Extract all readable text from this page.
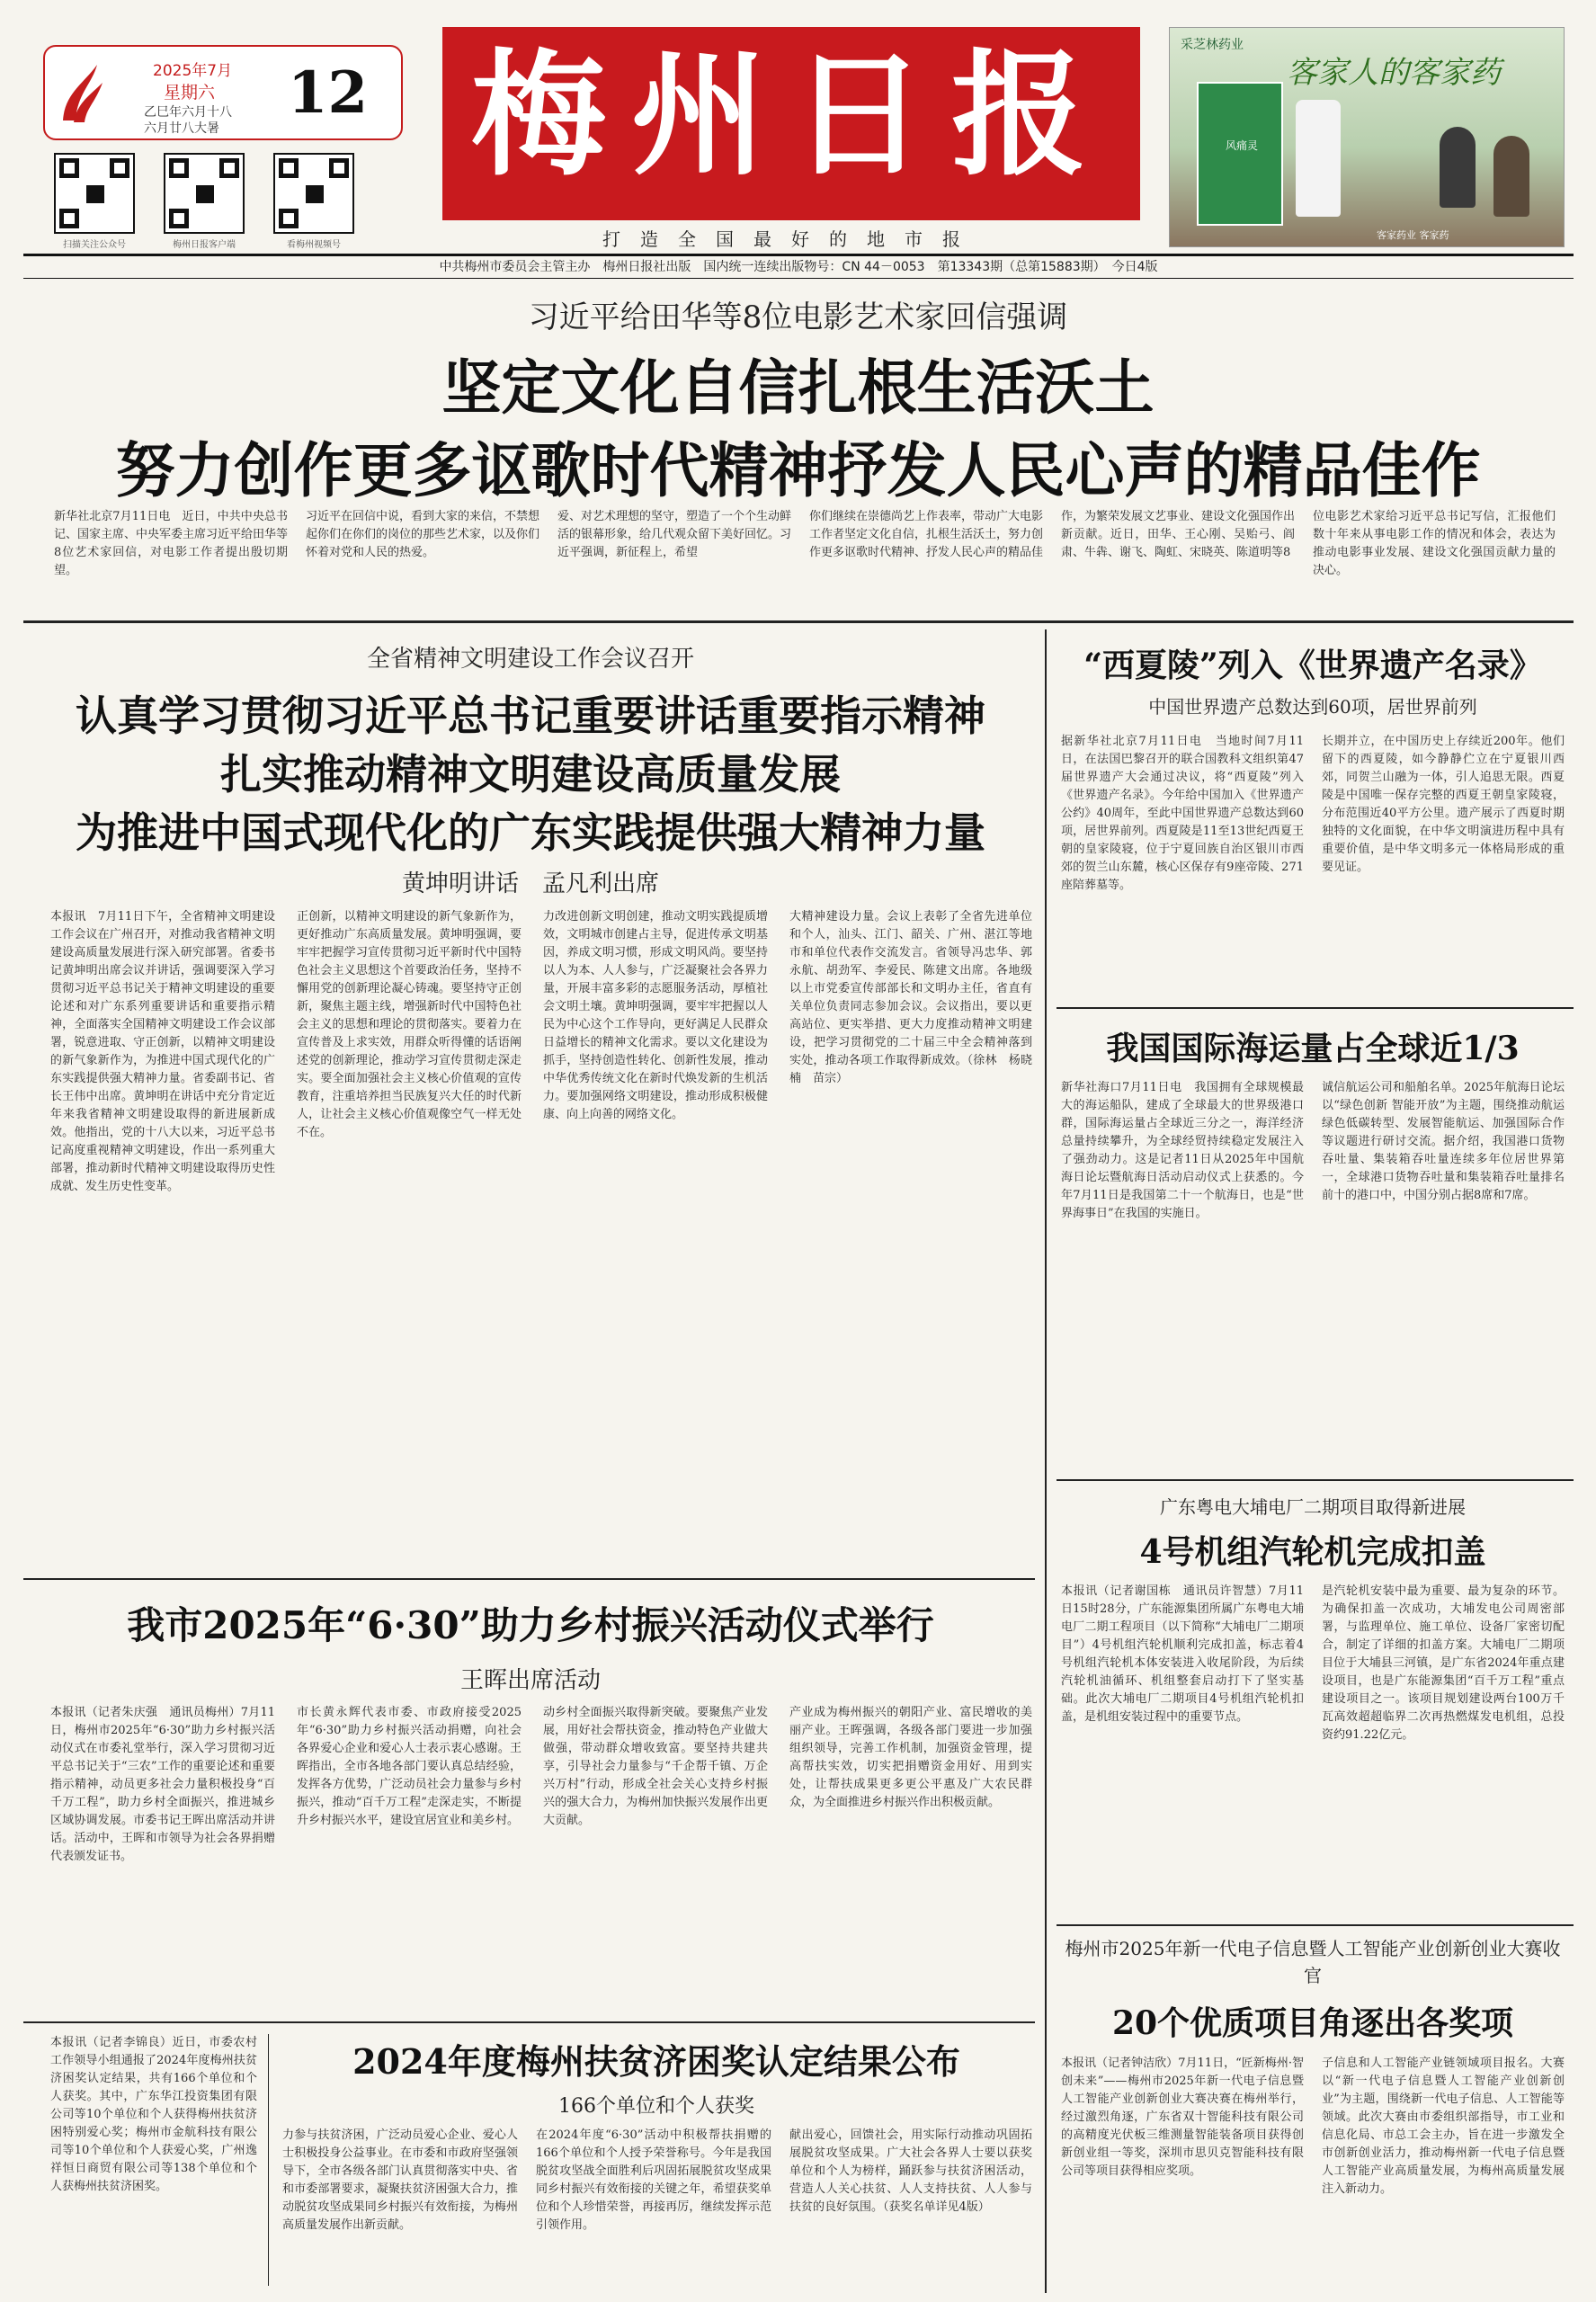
2025年7月
星期六
乙巳年六月十八
六月廿八大暑
12
扫描关注公众号	梅州日报客户端	看梅州视频号
梅州日报
打造全国最好的地市报
采芝林药业
客家人的客家药
风痛灵
客家药业 客家药
中共梅州市委员会主管主办　梅州日报社出版　国内统一连续出版物号：CN 44－0053　第13343期（总第15883期）　今日4版
习近平给田华等8位电影艺术家回信强调
坚定文化自信扎根生活沃土
努力创作更多讴歌时代精神抒发人民心声的精品佳作
新华社北京7月11日电　近日，中共中央总书记、国家主席、中央军委主席习近平给田华等8位艺术家回信，对电影工作者提出殷切期望。
习近平在回信中说，看到大家的来信，不禁想起你们在你们的岗位的那些艺术家，以及你们怀着对党和人民的热爱。
爱、对艺术理想的坚守，塑造了一个个生动鲜活的银幕形象，给几代观众留下美好回忆。习近平强调，新征程上，希望
你们继续在崇德尚艺上作表率，带动广大电影工作者坚定文化自信，扎根生活沃土，努力创作更多讴歌时代精神、抒发人民心声的精品佳
作，为繁荣发展文艺事业、建设文化强国作出新贡献。近日，田华、王心刚、吴贻弓、阎肃、牛犇、谢飞、陶虹、宋晓英、陈道明等8
位电影艺术家给习近平总书记写信，汇报他们数十年来从事电影工作的情况和体会，表达为推动电影事业发展、建设文化强国贡献力量的决心。
全省精神文明建设工作会议召开
认真学习贯彻习近平总书记重要讲话重要指示精神
扎实推动精神文明建设高质量发展
为推进中国式现代化的广东实践提供强大精神力量
黄坤明讲话　孟凡利出席
本报讯　7月11日下午，全省精神文明建设工作会议在广州召开，对推动我省精神文明建设高质量发展进行深入研究部署。省委书记黄坤明出席会议并讲话，强调要深入学习贯彻习近平总书记关于精神文明建设的重要论述和对广东系列重要讲话和重要指示精神，全面落实全国精神文明建设工作会议部署，锐意进取、守正创新，以精神文明建设的新气象新作为，为推进中国式现代化的广东实践提供强大精神力量。省委副书记、省长王伟中出席。黄坤明在讲话中充分肯定近年来我省精神文明建设取得的新进展新成效。他指出，党的十八大以来，习近平总书记高度重视精神文明建设，作出一系列重大部署，推动新时代精神文明建设取得历史性成就、发生历史性变革。
正创新，以精神文明建设的新气象新作为，更好推动广东高质量发展。黄坤明强调，要牢牢把握学习宣传贯彻习近平新时代中国特色社会主义思想这个首要政治任务，坚持不懈用党的创新理论凝心铸魂。要坚持守正创新，聚焦主题主线，增强新时代中国特色社会主义的思想和理论的贯彻落实。要着力在宣传普及上求实效，用群众听得懂的话语阐述党的创新理论，推动学习宣传贯彻走深走实。要全面加强社会主义核心价值观的宣传教育，注重培养担当民族复兴大任的时代新人，让社会主义核心价值观像空气一样无处不在。
力改进创新文明创建，推动文明实践提质增效，文明城市创建占主导，促进传承文明基因，养成文明习惯，形成文明风尚。要坚持以人为本、人人参与，广泛凝聚社会各界力量，开展丰富多彩的志愿服务活动，厚植社会文明土壤。黄坤明强调，要牢牢把握以人民为中心这个工作导向，更好满足人民群众日益增长的精神文化需求。要以文化建设为抓手，坚持创造性转化、创新性发展，推动中华优秀传统文化在新时代焕发新的生机活力。要加强网络文明建设，推动形成积极健康、向上向善的网络文化。
大精神建设力量。会议上表彰了全省先进单位和个人，汕头、江门、韶关、广州、湛江等地市和单位代表作交流发言。省领导冯忠华、郭永航、胡劲军、李爱民、陈建文出席。各地级以上市党委宣传部部长和文明办主任，省直有关单位负责同志参加会议。会议指出，要以更高站位、更实举措、更大力度推动精神文明建设，把学习贯彻党的二十届三中全会精神落到实处，推动各项工作取得新成效。（徐林　杨晓楠　苗宗）
我市2025年“6·30”助力乡村振兴活动仪式举行
王晖出席活动
本报讯（记者朱庆强　通讯员梅州）7月11日，梅州市2025年“6·30”助力乡村振兴活动仪式在市委礼堂举行，深入学习贯彻习近平总书记关于“三农”工作的重要论述和重要指示精神，动员更多社会力量积极投身“百千万工程”，助力乡村全面振兴，推进城乡区域协调发展。市委书记王晖出席活动并讲话。活动中，王晖和市领导为社会各界捐赠代表颁发证书。
市长黄永辉代表市委、市政府接受2025年“6·30”助力乡村振兴活动捐赠，向社会各界爱心企业和爱心人士表示衷心感谢。王晖指出，全市各地各部门要认真总结经验，发挥各方优势，广泛动员社会力量参与乡村振兴，推动“百千万工程”走深走实，不断提升乡村振兴水平，建设宜居宜业和美乡村。
动乡村全面振兴取得新突破。要聚焦产业发展，用好社会帮扶资金，推动特色产业做大做强，带动群众增收致富。要坚持共建共享，引导社会力量参与“千企帮千镇、万企兴万村”行动，形成全社会关心支持乡村振兴的强大合力，为梅州加快振兴发展作出更大贡献。
产业成为梅州振兴的朝阳产业、富民增收的美丽产业。王晖强调，各级各部门要进一步加强组织领导，完善工作机制，加强资金管理，提高帮扶实效，切实把捐赠资金用好、用到实处，让帮扶成果更多更公平惠及广大农民群众，为全面推进乡村振兴作出积极贡献。
本报讯（记者李锦良）近日，市委农村工作领导小组通报了2024年度梅州扶贫济困奖认定结果，共有166个单位和个人获奖。其中，广东华江投资集团有限公司等10个单位和个人获得梅州扶贫济困特别爱心奖；梅州市金航科技有限公司等10个单位和个人获爱心奖，广州逸祥恒日商贸有限公司等138个单位和个人获梅州扶贫济困奖。
2024年度梅州扶贫济困奖认定结果公布
166个单位和个人获奖
力参与扶贫济困，广泛动员爱心企业、爱心人士积极投身公益事业。在市委和市政府坚强领导下，全市各级各部门认真贯彻落实中央、省和市委部署要求，凝聚扶贫济困强大合力，推动脱贫攻坚成果同乡村振兴有效衔接，为梅州高质量发展作出新贡献。
在2024年度“6·30”活动中积极帮扶捐赠的166个单位和个人授予荣誉称号。今年是我国脱贫攻坚战全面胜利后巩固拓展脱贫攻坚成果同乡村振兴有效衔接的关键之年，希望获奖单位和个人珍惜荣誉，再接再厉，继续发挥示范引领作用。
献出爱心，回馈社会，用实际行动推动巩固拓展脱贫攻坚成果。广大社会各界人士要以获奖单位和个人为榜样，踊跃参与扶贫济困活动，营造人人关心扶贫、人人支持扶贫、人人参与扶贫的良好氛围。（获奖名单详见4版）
“西夏陵”列入《世界遗产名录》
中国世界遗产总数达到60项，居世界前列
据新华社北京7月11日电　当地时间7月11日，在法国巴黎召开的联合国教科文组织第47届世界遗产大会通过决议，将“西夏陵”列入《世界遗产名录》。今年给中国加入《世界遗产公约》40周年，至此中国世界遗产总数达到60项，居世界前列。西夏陵是11至13世纪西夏王朝的皇家陵寝，位于宁夏回族自治区银川市西郊的贺兰山东麓，核心区保存有9座帝陵、271座陪葬墓等。
长期并立，在中国历史上存续近200年。他们留下的西夏陵，如今静静伫立在宁夏银川西郊，同贺兰山融为一体，引人追思无限。西夏陵是中国唯一保存完整的西夏王朝皇家陵寝，分布范围近40平方公里。遗产展示了西夏时期独特的文化面貌，在中华文明演进历程中具有重要价值，是中华文明多元一体格局形成的重要见证。
我国国际海运量占全球近1/3
新华社海口7月11日电　我国拥有全球规模最大的海运船队，建成了全球最大的世界级港口群，国际海运量占全球近三分之一，海洋经济总量持续攀升，为全球经贸持续稳定发展注入了强劲动力。这是记者11日从2025年中国航海日论坛暨航海日活动启动仪式上获悉的。今年7月11日是我国第二十一个航海日，也是“世界海事日”在我国的实施日。
诚信航运公司和船舶名单。2025年航海日论坛以“绿色创新 智能开放”为主题，围绕推动航运绿色低碳转型、发展智能航运、加强国际合作等议题进行研讨交流。据介绍，我国港口货物吞吐量、集装箱吞吐量连续多年位居世界第一，全球港口货物吞吐量和集装箱吞吐量排名前十的港口中，中国分别占据8席和7席。
广东粤电大埔电厂二期项目取得新进展
4号机组汽轮机完成扣盖
本报讯（记者谢国栋　通讯员许智慧）7月11日15时28分，广东能源集团所属广东粤电大埔电厂二期工程项目（以下简称“大埔电厂二期项目”）4号机组汽轮机顺利完成扣盖，标志着4号机组汽轮机本体安装进入收尾阶段，为后续汽轮机油循环、机组整套启动打下了坚实基础。此次大埔电厂二期项目4号机组汽轮机扣盖，是机组安装过程中的重要节点。
是汽轮机安装中最为重要、最为复杂的环节。为确保扣盖一次成功，大埔发电公司周密部署，与监理单位、施工单位、设备厂家密切配合，制定了详细的扣盖方案。大埔电厂二期项目位于大埔县三河镇，是广东省2024年重点建设项目，也是广东能源集团“百千万工程”重点建设项目之一。该项目规划建设两台100万千瓦高效超超临界二次再热燃煤发电机组，总投资约91.22亿元。
梅州市2025年新一代电子信息暨人工智能产业创新创业大赛收官
20个优质项目角逐出各奖项
本报讯（记者钟洁欣）7月11日，“匠新梅州·智创未来”——梅州市2025年新一代电子信息暨人工智能产业创新创业大赛决赛在梅州举行，经过激烈角逐，广东省双十智能科技有限公司的高精度光伏板三维测量智能装备项目获得创新创业组一等奖，深圳市思贝克智能科技有限公司等项目获得相应奖项。
子信息和人工智能产业链领域项目报名。大赛以“新一代电子信息暨人工智能产业创新创业”为主题，围绕新一代电子信息、人工智能等领域。此次大赛由市委组织部指导，市工业和信息化局、市总工会主办，旨在进一步激发全市创新创业活力，推动梅州新一代电子信息暨人工智能产业高质量发展，为梅州高质量发展注入新动力。
